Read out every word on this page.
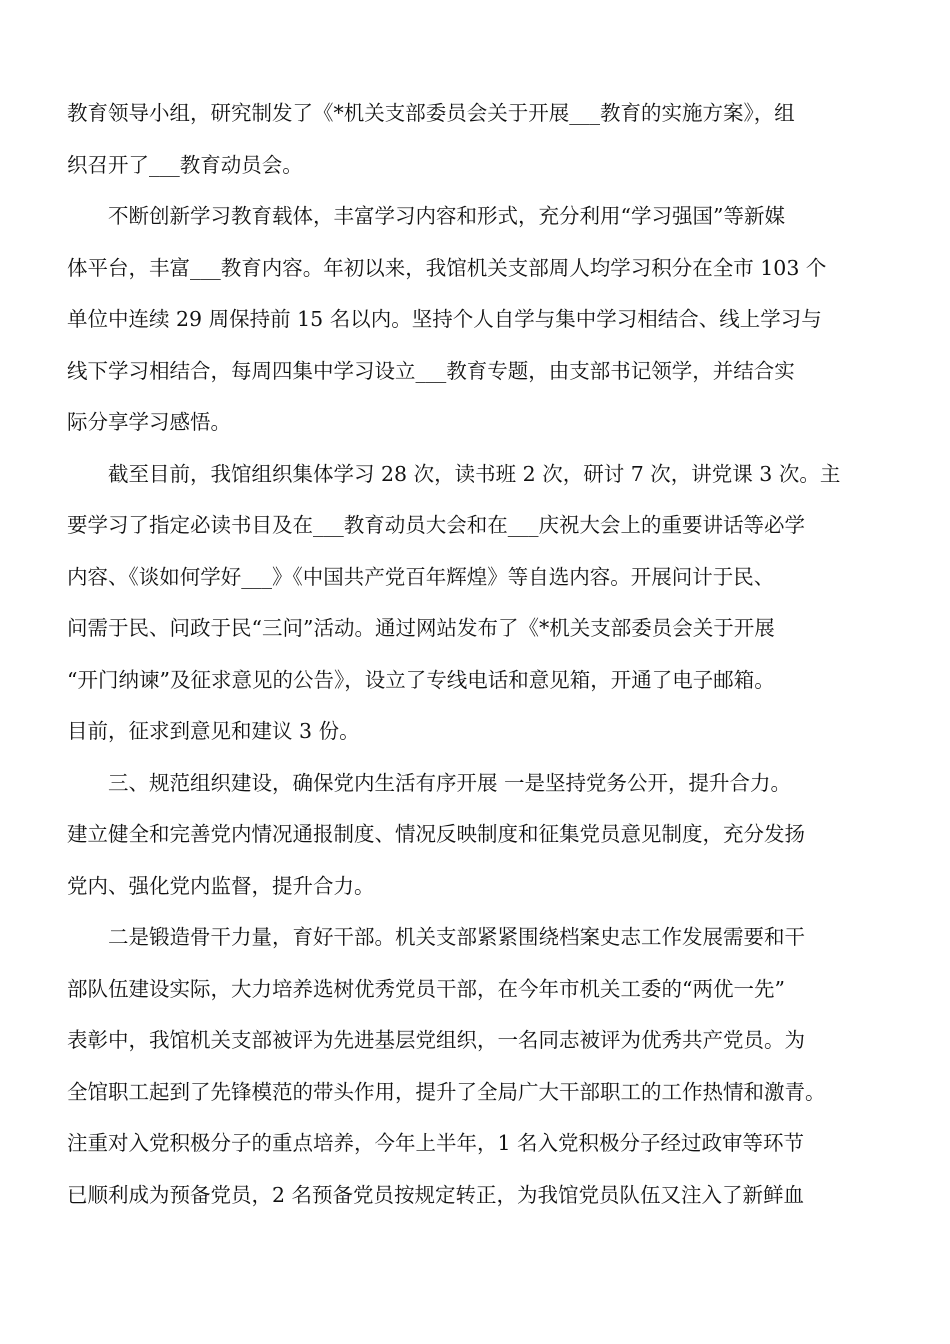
教育领导小组，研究制发了《*机关支部委员会关于开展___教育的实施方案》，组
织召开了___教育动员会。
不断创新学习教育载体，丰富学习内容和形式，充分利用“学习强国”等新媒
体平台，丰富___教育内容。年初以来，我馆机关支部周人均学习积分在全市 103 个
单位中连续 29 周保持前 15 名以内。坚持个人自学与集中学习相结合、线上学习与
线下学习相结合，每周四集中学习设立___教育专题，由支部书记领学，并结合实
际分享学习感悟。
截至目前，我馆组织集体学习 28 次，读书班 2 次，研讨 7 次，讲党课 3 次。主
要学习了指定必读书目及在___教育动员大会和在___庆祝大会上的重要讲话等必学
内容、《谈如何学好___》《中国共产党百年辉煌》等自选内容。开展问计于民、
问需于民、问政于民“三问”活动。通过网站发布了《*机关支部委员会关于开展
“开门纳谏”及征求意见的公告》，设立了专线电话和意见箱，开通了电子邮箱。
目前，征求到意见和建议 3 份。
三、规范组织建设，确保党内生活有序开展 一是坚持党务公开，提升合力。
建立健全和完善党内情况通报制度、情况反映制度和征集党员意见制度，充分发扬
党内、强化党内监督，提升合力。
二是锻造骨干力量，育好干部。机关支部紧紧围绕档案史志工作发展需要和干
部队伍建设实际，大力培养选树优秀党员干部，在今年市机关工委的“两优一先”
表彰中，我馆机关支部被评为先进基层党组织，一名同志被评为优秀共产党员。为
全馆职工起到了先锋模范的带头作用，提升了全局广大干部职工的工作热情和激青。
注重对入党积极分子的重点培养，今年上半年，1 名入党积极分子经过政审等环节
已顺利成为预备党员，2 名预备党员按规定转正，为我馆党员队伍又注入了新鲜血
